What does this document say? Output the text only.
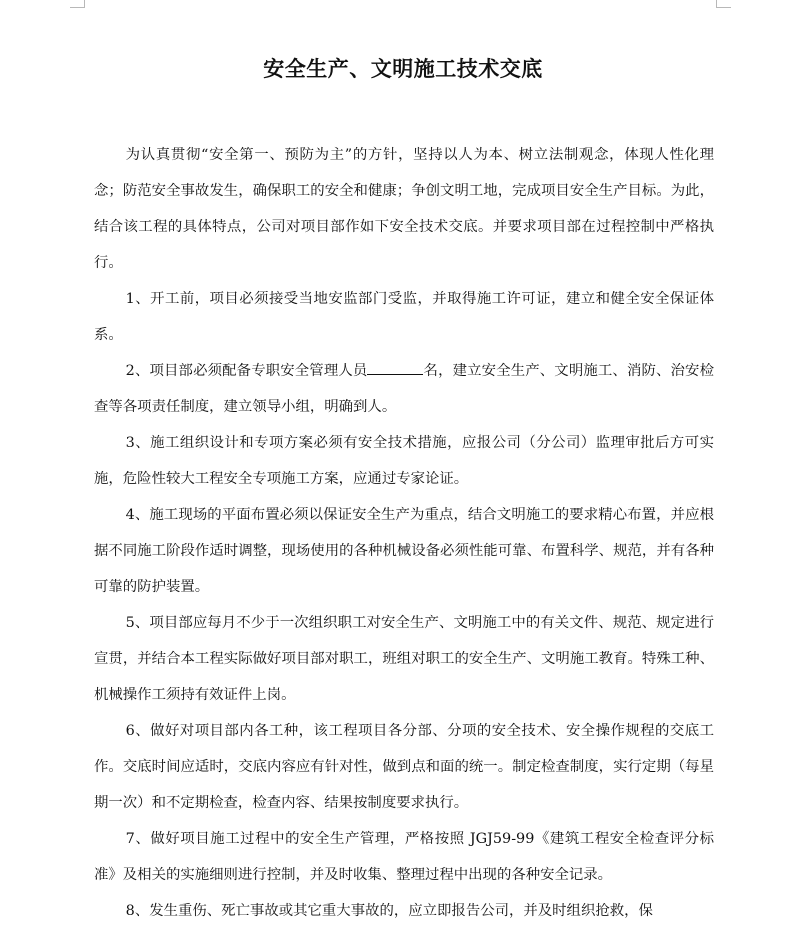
安全生产、文明施工技术交底

为认真贯彻“安全第一、预防为主”的方针，坚持以人为本、树立法制观念，体现人性化理念；防范安全事故发生，确保职工的安全和健康；争创文明工地，完成项目安全生产目标。为此，结合该工程的具体特点，公司对项目部作如下安全技术交底。并要求项目部在过程控制中严格执行。

1、开工前，项目必须接受当地安监部门受监，并取得施工许可证，建立和健全安全保证体系。

2、项目部必须配备专职安全管理人员	名，建立安全生产、文明施工、消防、治安检查等各项责任制度，建立领导小组，明确到人。

3、施工组织设计和专项方案必须有安全技术措施，应报公司（分公司）监理审批后方可实施，危险性较大工程安全专项施工方案，应通过专家论证。

4、施工现场的平面布置必须以保证安全生产为重点，结合文明施工的要求精心布置，并应根据不同施工阶段作适时调整，现场使用的各种机械设备必须性能可靠、布置科学、规范，并有各种可靠的防护装置。

5、项目部应每月不少于一次组织职工对安全生产、文明施工中的有关文件、规范、规定进行宣贯，并结合本工程实际做好项目部对职工，班组对职工的安全生产、文明施工教育。特殊工种、机械操作工须持有效证件上岗。

6、做好对项目部内各工种，该工程项目各分部、分项的安全技术、安全操作规程的交底工作。交底时间应适时，交底内容应有针对性，做到点和面的统一。制定检查制度，实行定期（每星期一次）和不定期检查，检查内容、结果按制度要求执行。

7、做好项目施工过程中的安全生产管理，严格按照 JGJ59-99《建筑工程安全检查评分标准》及相关的实施细则进行控制，并及时收集、整理过程中出现的各种安全记录。

8、发生重伤、死亡事故或其它重大事故的，应立即报告公司，并及时组织抢救，保
